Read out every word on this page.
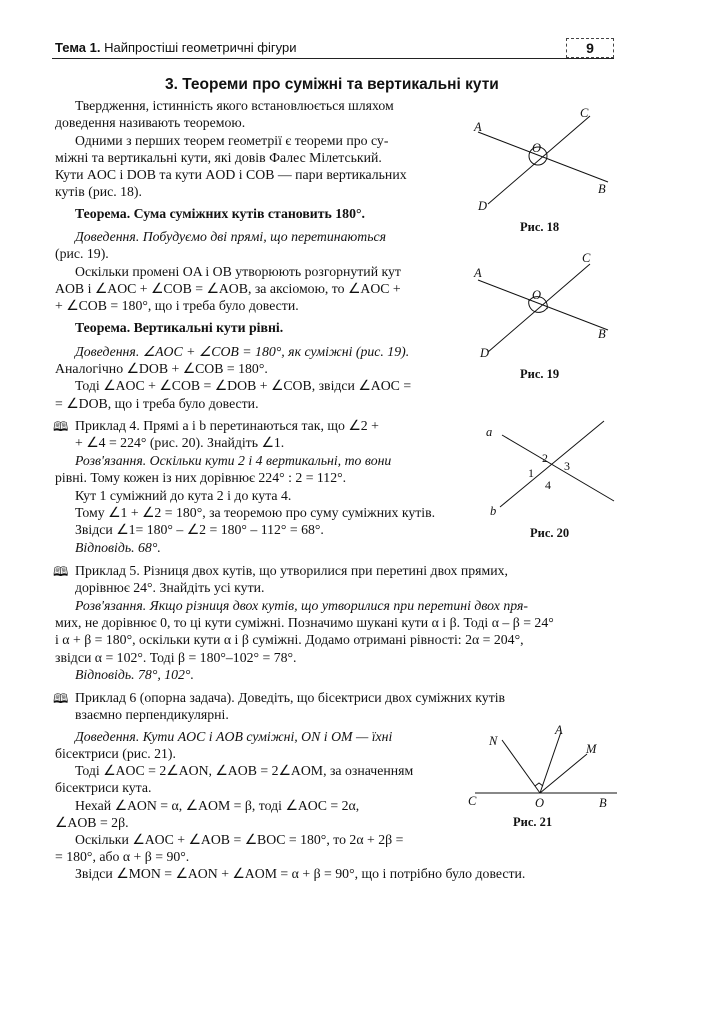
Тема 1. Найпростіші геометричні фігури	9
3. Теореми про суміжні та вертикальні кути
Твердження, істинність якого встановлюється шляхом
доведення називають теоремою.
Одними з перших теорем геометрії є теореми про су-
міжні та вертикальні кути, які довів Фалес Мілетський.
Кути AOC і DOB та кути AOD і COB — пари вертикальних
кутів (рис. 18).
Теорема. Сума суміжних кутів становить 180°.
Доведення. Побудуємо дві прямі, що перетинаються
(рис. 19).
Оскільки промені OA і OB утворюють розгорнутий кут
AOB і ∠AOC + ∠COB = ∠AOB, за аксіомою, то ∠AOC +
+ ∠COB = 180°, що і треба було довести.
Теорема. Вертикальні кути рівні.
Доведення. ∠AOC + ∠COB = 180°, як суміжні (рис. 19).
Аналогічно ∠DOB + ∠COB = 180°.
Тоді ∠AOC + ∠COB = ∠DOB + ∠COB, звідси ∠AOC =
= ∠DOB, що і треба було довести.
🕮 Приклад 4. Прямі a і b перетинаються так, що ∠2 +
+ ∠4 = 224° (рис. 20). Знайдіть ∠1.
Розв'язання. Оскільки кути 2 і 4 вертикальні, то вони
рівні. Тому кожен із них дорівнює 224° : 2 = 112°.
Кут 1 суміжний до кута 2 і до кута 4.
Тому ∠1 + ∠2 = 180°, за теоремою про суму суміжних кутів.
Звідси ∠1= 180° – ∠2 = 180° – 112° = 68°.
Відповідь. 68°.
🕮 Приклад 5. Різниця двох кутів, що утворилися при перетині двох прямих,
дорівнює 24°. Знайдіть усі кути.
Розв'язання. Якщо різниця двох кутів, що утворилися при перетині двох пря-
мих, не дорівнює 0, то ці кути суміжні. Позначимо шукані кути α і β. Тоді α – β = 24°
і α + β = 180°, оскільки кути α і β суміжні. Додамо отримані рівності: 2α = 204°,
звідси α = 102°. Тоді β = 180°–102° = 78°.
Відповідь. 78°, 102°.
🕮 Приклад 6 (опорна задача). Доведіть, що бісектриси двох суміжних кутів
взаємно перпендикулярні.
Доведення. Кути AOC і AOB суміжні, ON і OM — їхні
бісектриси (рис. 21).
Тоді ∠AOC = 2∠AON, ∠AOB = 2∠AOM, за означенням
бісектриси кута.
Нехай ∠AON = α, ∠AOM = β, тоді ∠AOC = 2α,
∠AOB = 2β.
Оскільки ∠AOC + ∠AOB = ∠BOC = 180°, то 2α + 2β =
= 180°, або α + β = 90°.
Звідси ∠MON = ∠AON + ∠AOM = α + β = 90°, що і потрібно було довести.
A
C
O
B
D
Рис. 18
A
C
O
B
D
Рис. 19
a
b
1
2
3
4
Рис. 20
A
N
M
C	O	B
Рис. 21
